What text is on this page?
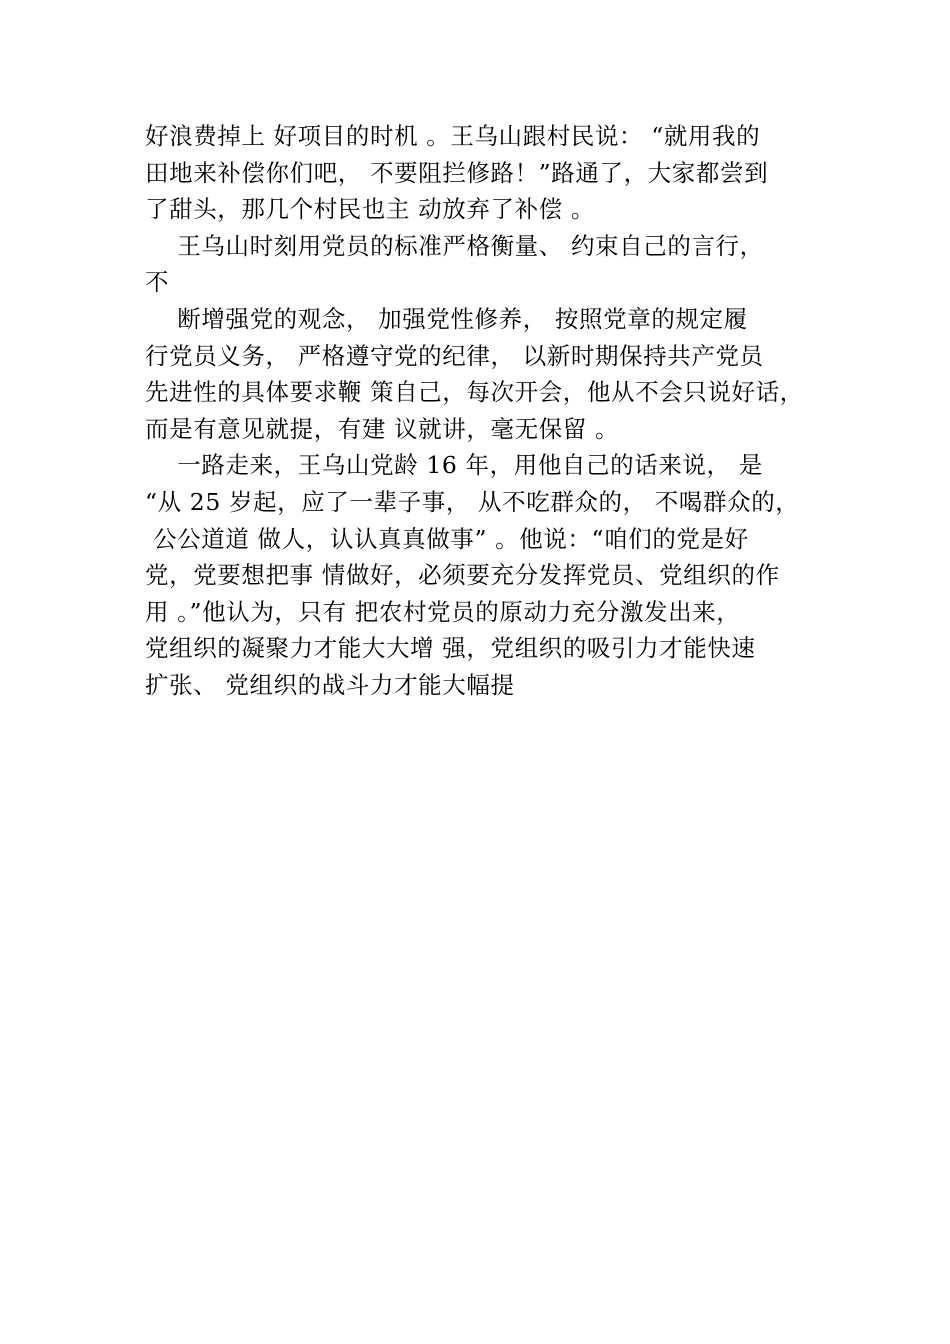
好浪费掉上 好项目的时机 。王乌山跟村民说： “就用我的
田地来补偿你们吧， 不要阻拦修路！”路通了，大家都尝到
了甜头，那几个村民也主 动放弃了补偿 。
王乌山时刻用党员的标准严格衡量、 约束自己的言行，
不
断增强党的观念， 加强党性修养， 按照党章的规定履
行党员义务， 严格遵守党的纪律， 以新时期保持共产党员
先进性的具体要求鞭 策自己，每次开会，他从不会只说好话，
而是有意见就提，有建 议就讲，毫无保留 。
一路走来，王乌山党龄 16 年，用他自己的话来说， 是
“从 25 岁起，应了一辈子事， 从不吃群众的， 不喝群众的，
公公道道 做人，认认真真做事” 。他说：“咱们的党是好
党，党要想把事 情做好，必须要充分发挥党员、党组织的作
用 。”他认为，只有 把农村党员的原动力充分激发出来，
党组织的凝聚力才能大大增 强，党组织的吸引力才能快速
扩张、 党组织的战斗力才能大幅提
